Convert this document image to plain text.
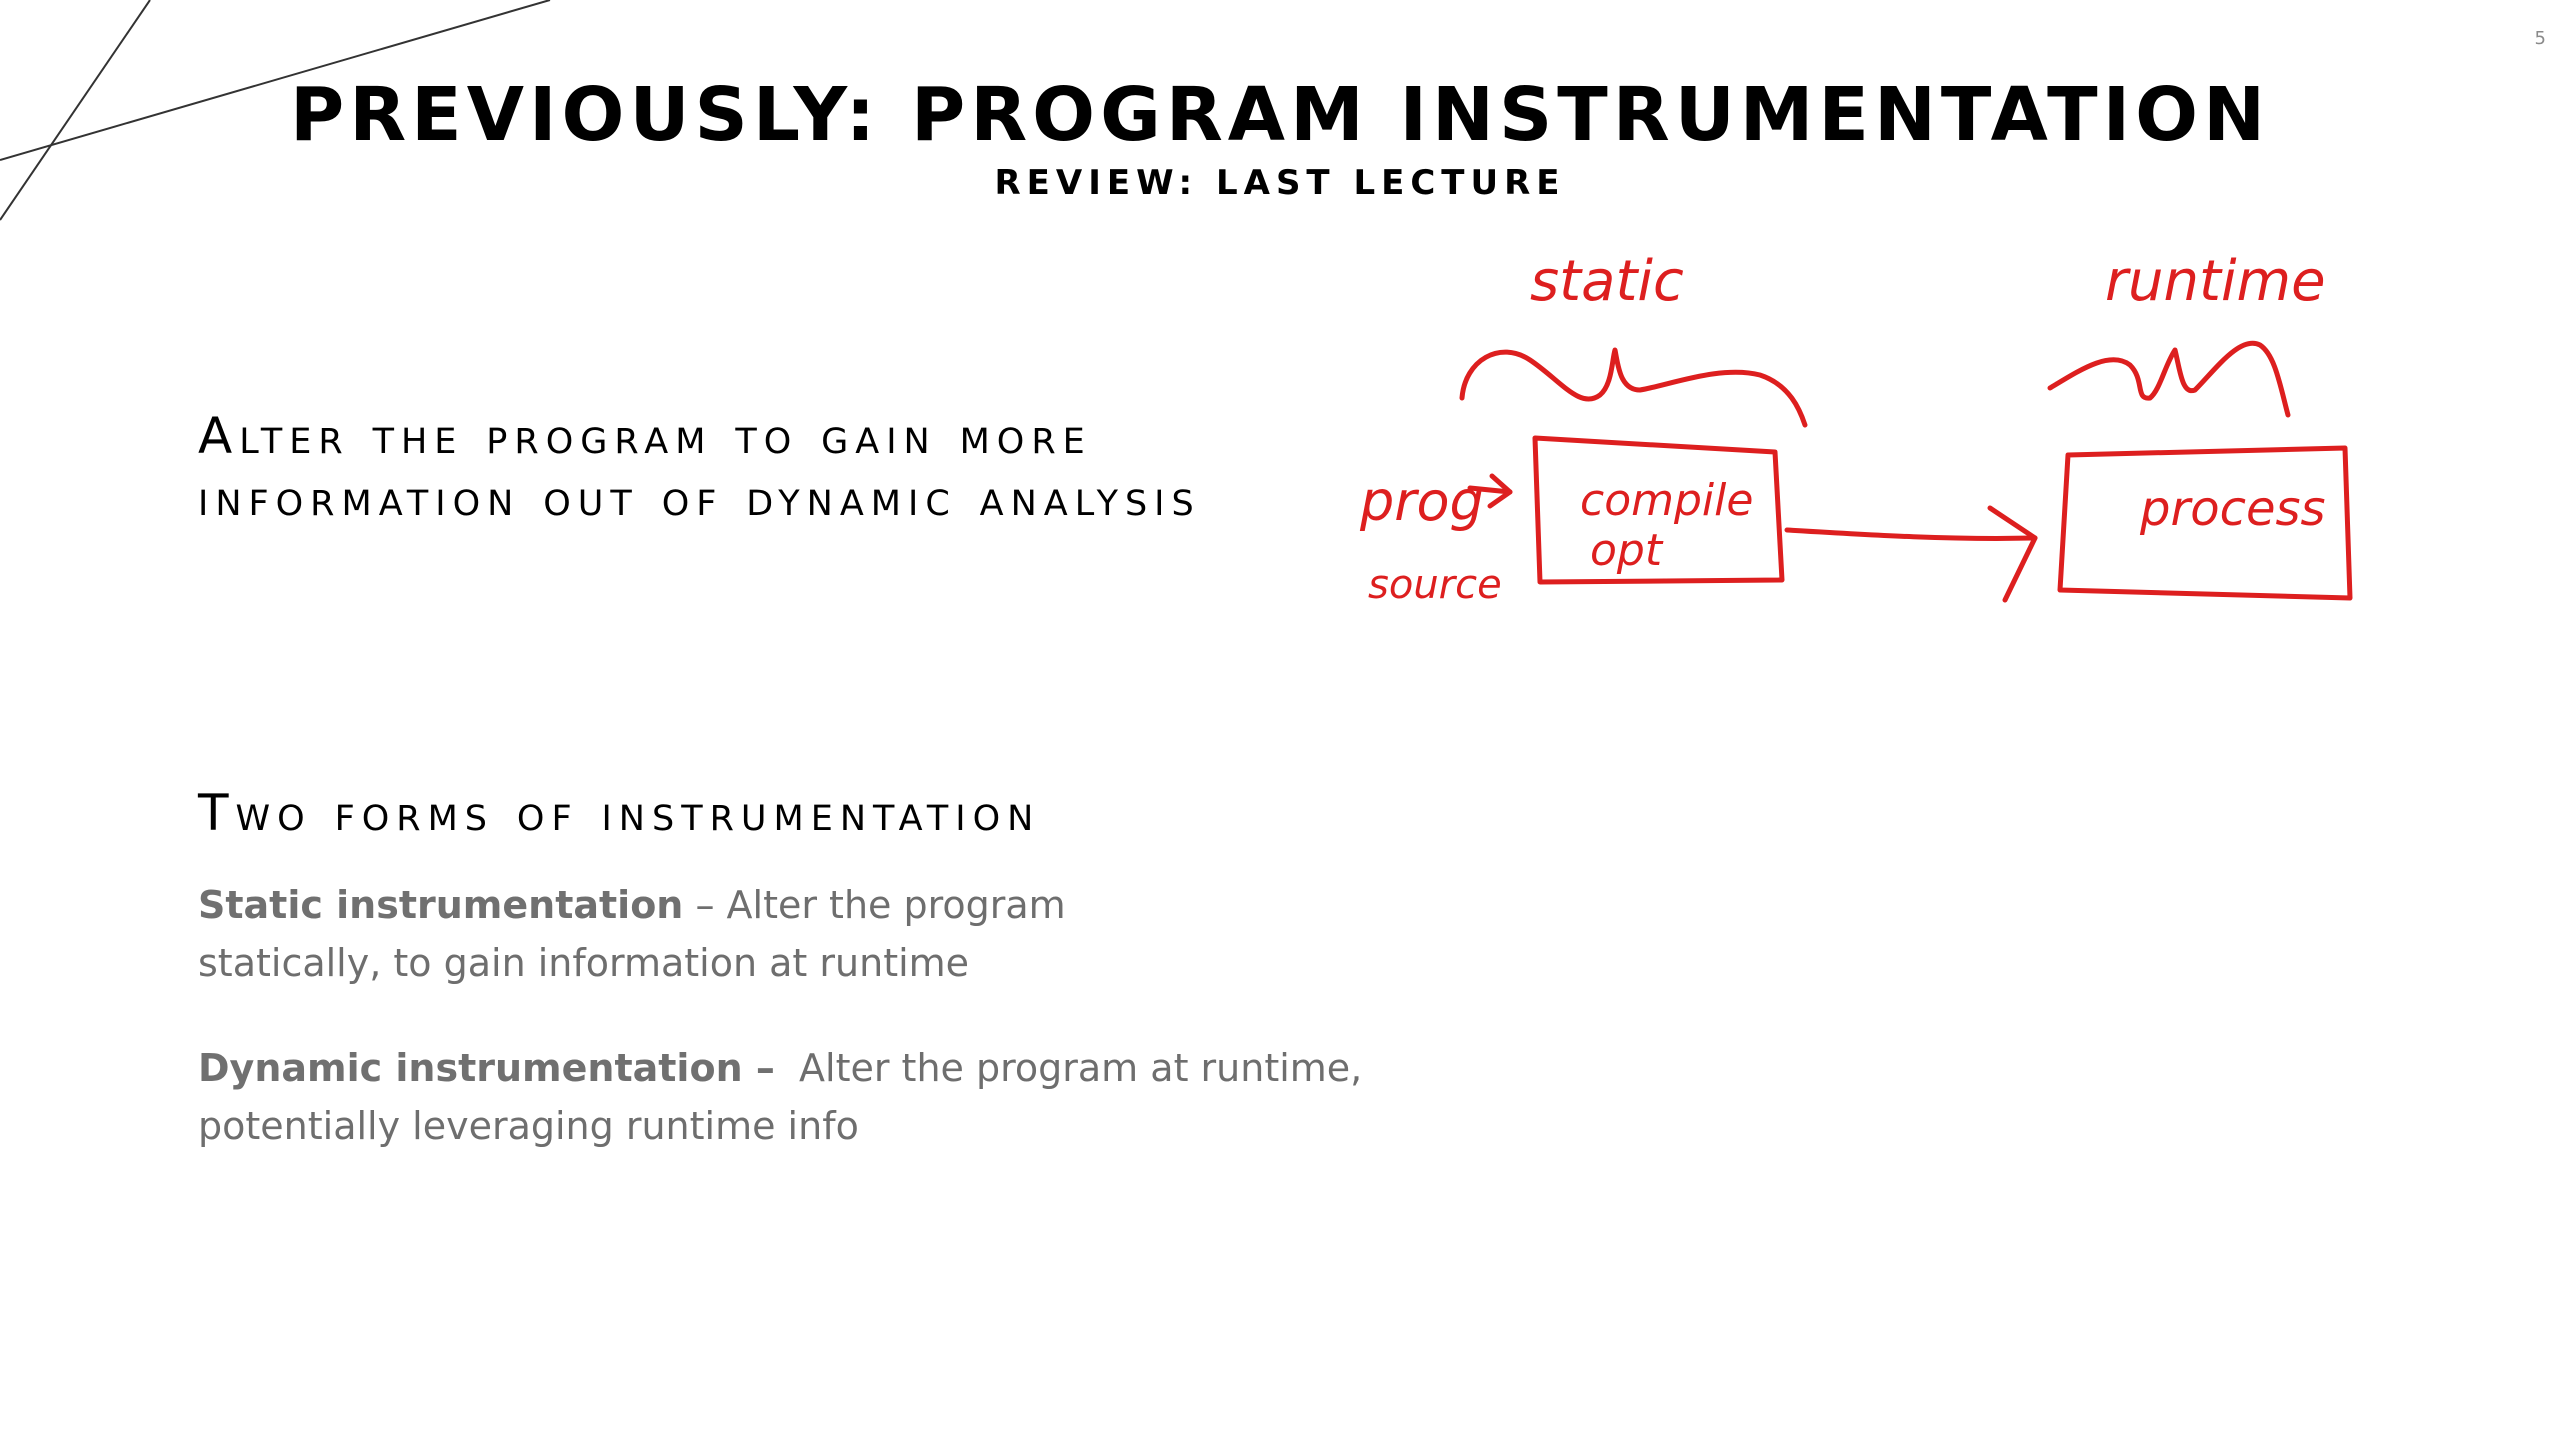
5
PREVIOUSLY: PROGRAM INSTRUMENTATION
REVIEW: LAST LECTURE
Alter the program to gain more
information out of dynamic analysis
Two forms of instrumentation
Static instrumentation – Alter the program
statically, to gain information at runtime
Dynamic instrumentation –  Alter the program at runtime,
potentially leveraging runtime info
static	runtime
prog
source
compile
opt
process
